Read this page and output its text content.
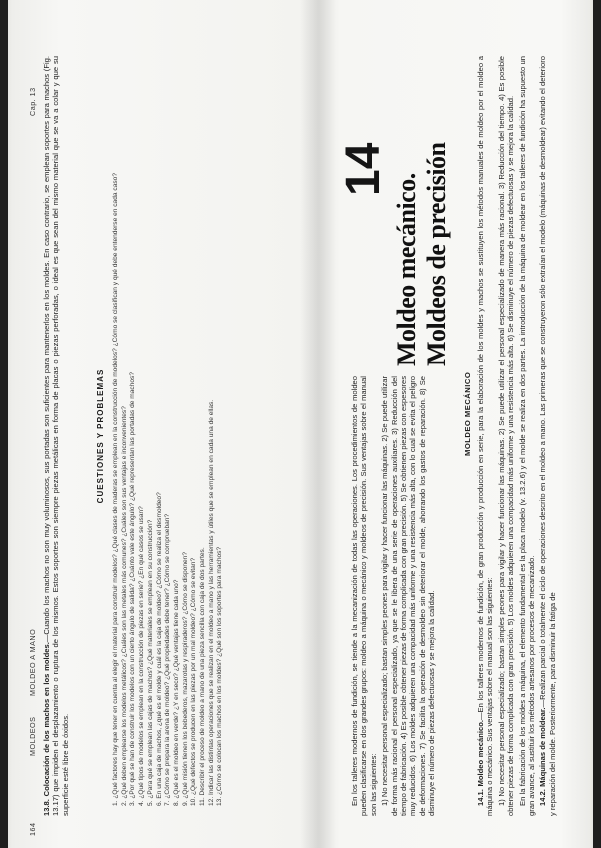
164
MOLDEOS
MOLDEO A MANO
Cap. 13
13.8. Colocación de los machos en los moldes.—Cuando los machos no son muy voluminosos, sus portadas son suficientes para mantenerlos en los moldes. En caso contrario, se emplean soportes para machos (Fig. 13.17) que impiden el desplazamiento o ruptura de los mismos. Estos soportes son siempre piezas metálicas en forma de placas o piezas perforadas, o ideal es que sean del mismo material que se va a colar y que su superficie esté libre de óxidos.
CUESTIONES Y PROBLEMAS 1. ¿Qué factores hay que tener en cuenta al elegir el material para construir modelos? ¿Qué clases de maderas se emplean en la construcción de modelos? ¿Cómo se clasifican y qué debe entenderse en cada caso? 2. ¿Qué deben emplearse los modelos metálicos? ¿Cuáles son las metales más comunes? ¿Cuáles son sus ventajas e inconvenientes? 3. ¿Por qué se han de construir los modelos con un cierto ángulo de salida? ¿Cuánto vale este ángulo? ¿Qué representan las portadas de machos? 4. ¿Qué tipos de modelos se emplean en la construcción de piezas en serie? ¿En qué casos se usan? 5. ¿Para qué se emplean las cajas de machos? ¿Qué materiales se emplean en su construcción? 6. En una caja de machos, ¿qué es el molde y cuál es la caja de moldeo? ¿Cómo se realiza el desmoldeo? 7. ¿Cómo se prepara la arena de moldeo? ¿Qué propiedades debe tener? ¿Cómo se comprueban? 8. ¿Qué es el moldeo en verde? ¿Y en seco? ¿Qué ventajas tiene cada uno? 9. ¿Qué misión tienen los bebederos, mazarotas y respiraderos? ¿Cómo se disponen? 10. ¿Qué defectos se producen en las piezas por un mal moldeo? ¿Cómo se evitan? 11. Describir el proceso de moldeo a mano de una pieza sencilla con caja de dos partes. 12. Indicar las distintas operaciones que se realizan en el moldeo a mano y las herramientas y útiles que se emplean en cada una de ellas. 13. ¿Cómo se colocan los machos en los moldes? ¿Qué son los soportes para machos?

14
Moldeo mecánico. Moldeos de precisión

En los talleres modernos de fundición, se tiende a la mecanización de todas las operaciones. Los procedimientos de moldeo pueden clasificarse en dos grandes grupos: moldeo a máquina o mecánico y moldeos de precisión. Sus ventajas sobre el manual son las siguientes: 1) No necesitar personal especializado; bastan simples peones para vigilar y hacer funcionar las máquinas. 2) Se puede utilizar de forma más racional el personal especializado, ya que se le libera de una serie de operaciones auxiliares. 3) Reducción del tiempo de fabricación. 4) Es posible obtener piezas de forma complicada con gran precisión. 5) Se obtienen piezas con espesores muy reducidos. 6) Los moldes adquieren una compacidad más uniforme y una resistencia más alta, con lo cual se evita el peligro de deformaciones. 7) Se facilita la operación de desmoldeo sin deteriorar el molde, ahorrando los gastos de reparación. 8) Se disminuye el número de piezas defectuosas y se mejora la calidad.

MOLDEO MECÁNICO

14.1. Moldeo mecánico.—En los talleres modernos de fundición, de gran producción y producción en serie, para la elaboración de los moldes y machos se sustituyen los métodos manuales de moldeo por el moldeo a máquina o mecánico. Sus ventajas sobre el manual son las siguientes: 1) No necesitar personal especializado; bastan simples peones para vigilar y hacer funcionar las máquinas. 2) Se puede utilizar el personal especializado de manera más racional. 3) Reducción del tiempo. 4) Es posible obtener piezas de forma complicada con gran precisión. 5) Los moldes adquieren una compacidad más uniforme y una resistencia más alta. 6) Se disminuye el número de piezas defectuosas y se mejora la calidad. En la fabricación de los moldes a máquina, el elemento fundamental es la placa modelo (v. 13.2.6) y el molde se realiza en dos partes. La introducción de la máquina de moldear en los talleres de fundición ha supuesto un gran avance, al sustituir los métodos artesanos por procesos de mecanizado. 14.2. Máquinas de moldear.—Realizan parcial o totalmente el ciclo de operaciones descrito en el moldeo a mano. Las primeras que se construyeron sólo extraían el modelo (máquinas de desmoldear) evitando el deterioro y reparación del molde. Posteriormente, para disminuir la fatiga de
